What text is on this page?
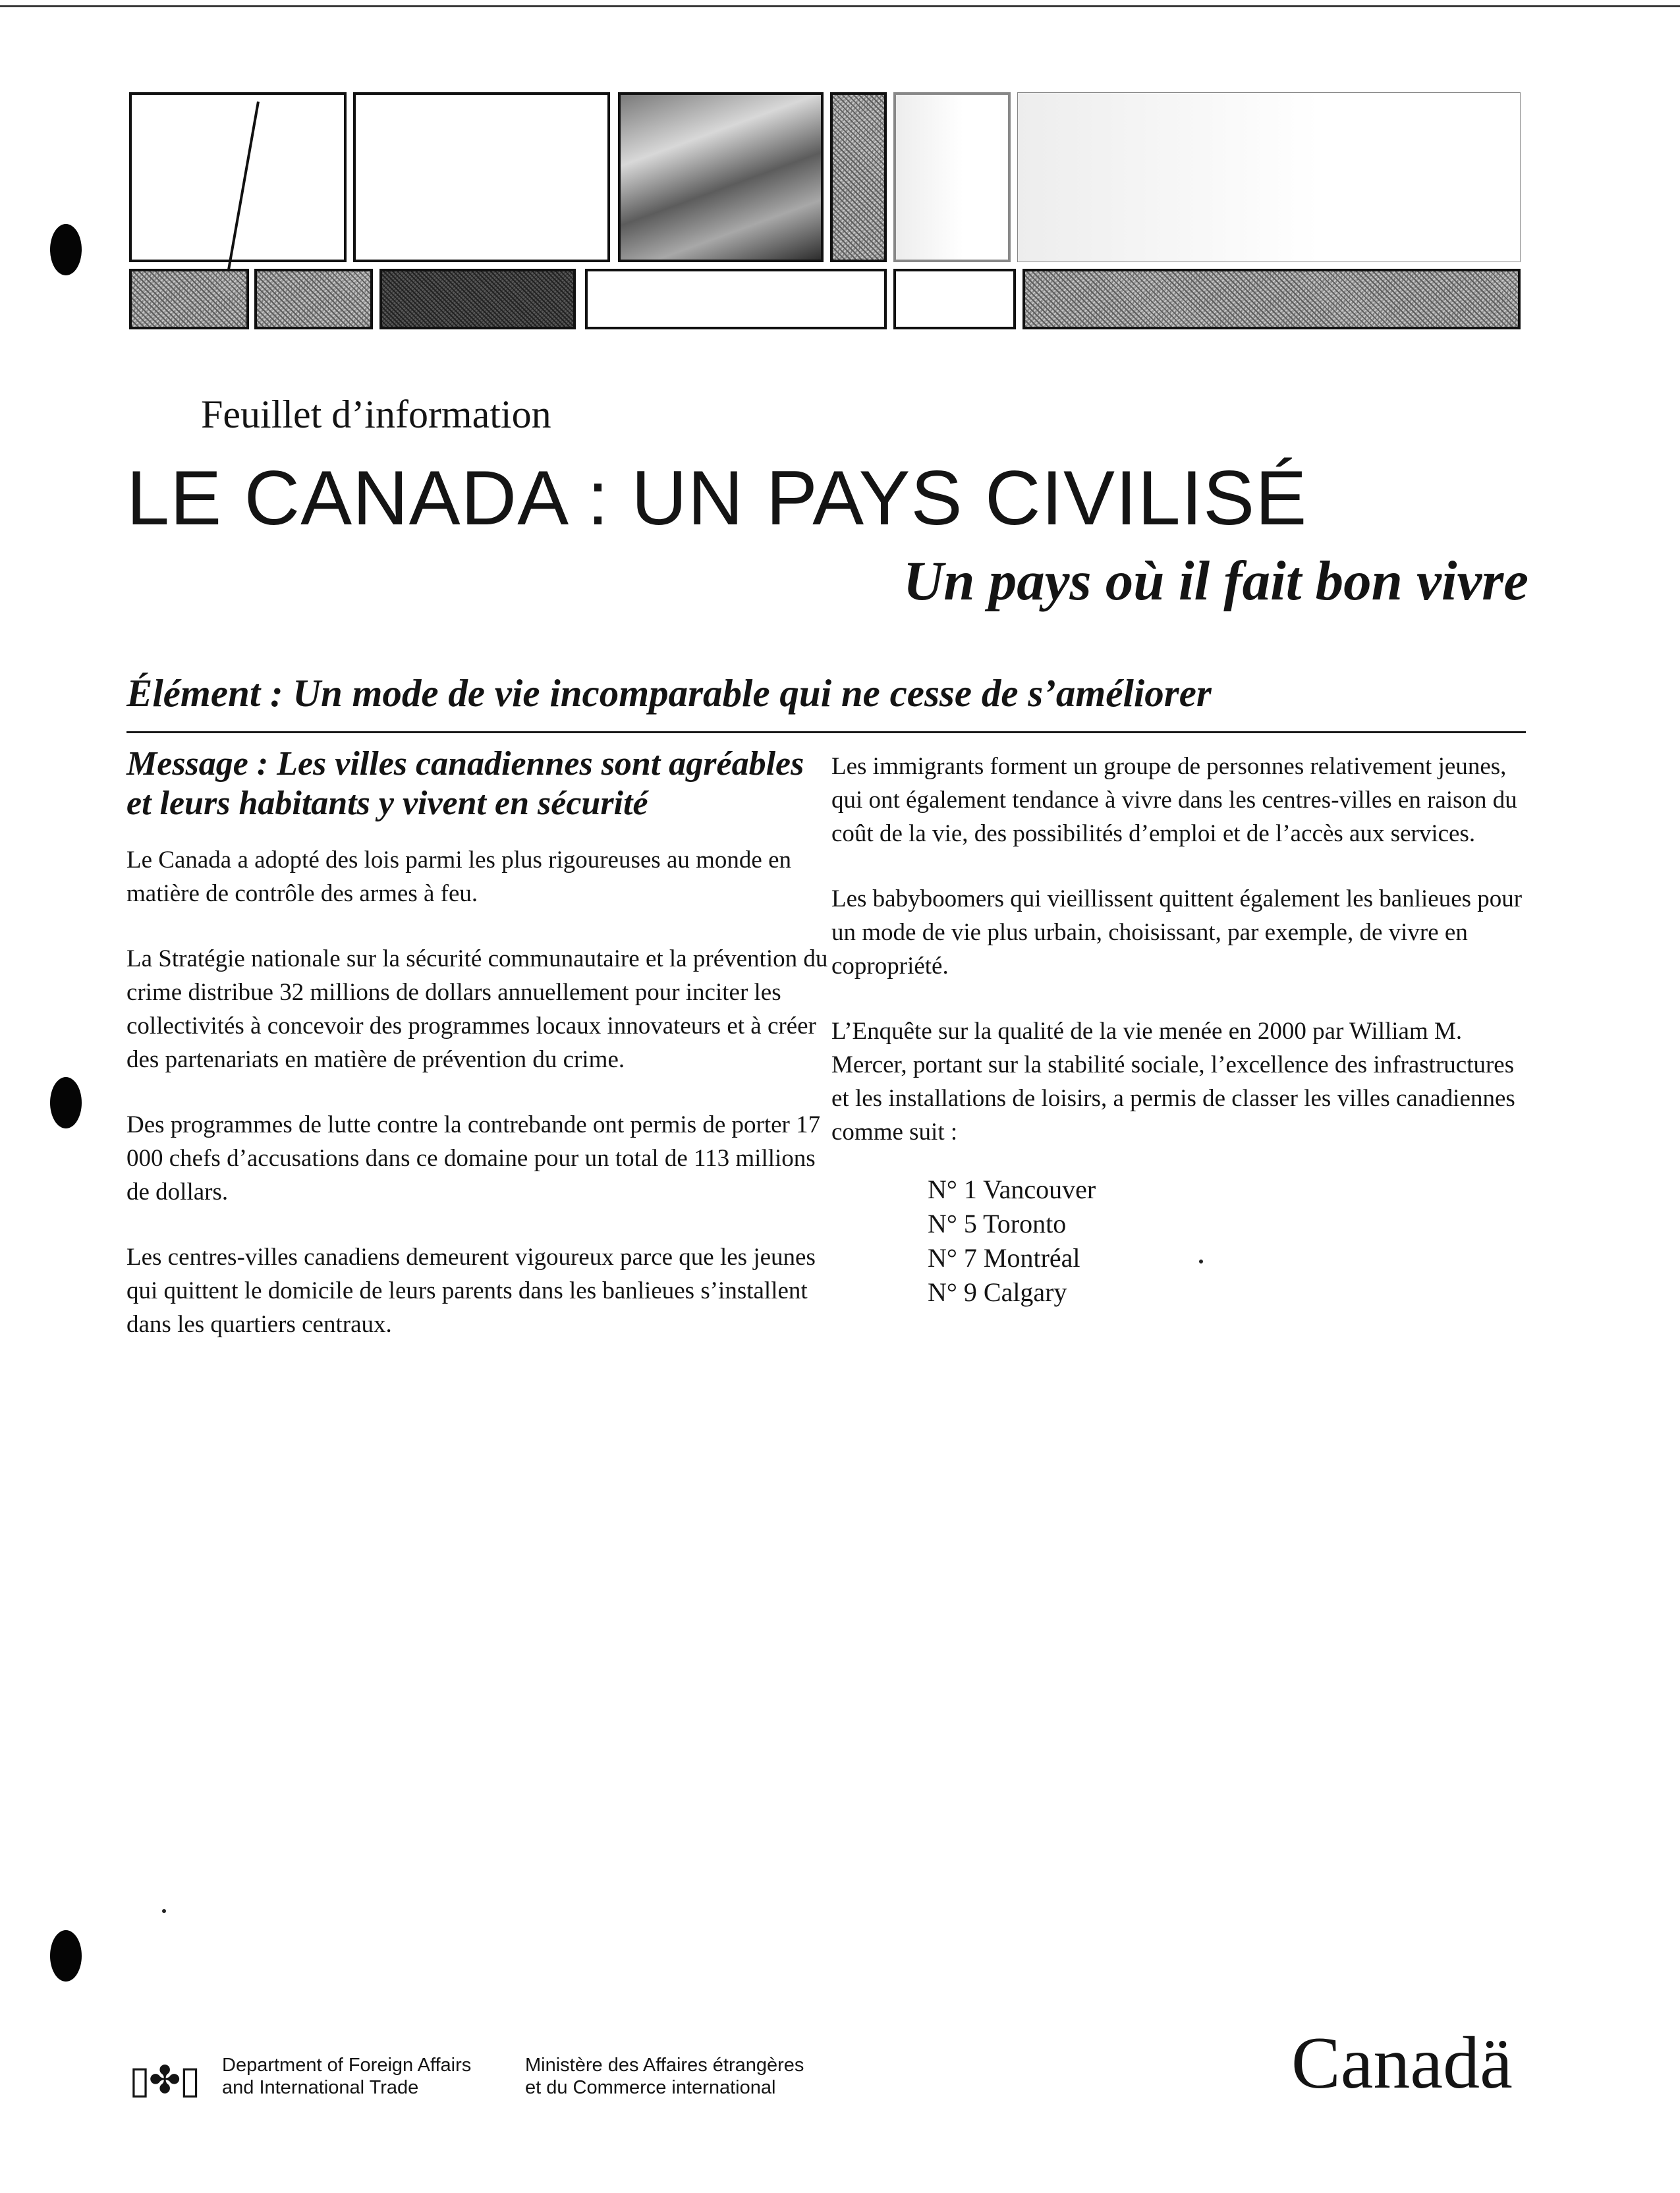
Feuillet d’information
LE CANADA : UN PAYS CIVILISÉ
Un pays où il fait bon vivre
Élément : Un mode de vie incomparable qui ne cesse de s’améliorer

Message : Les villes canadiennes sont agréables et leurs habitants y vivent en sécurité

Le Canada a adopté des lois parmi les plus rigoureuses au monde en matière de contrôle des armes à feu.

La Stratégie nationale sur la sécurité communautaire et la prévention du crime distribue 32 millions de dollars annuellement pour inciter les collectivités à concevoir des programmes locaux innovateurs et à créer des partenariats en matière de prévention du crime.

Des programmes de lutte contre la contrebande ont permis de porter 17 000 chefs d’accusations dans ce domaine pour un total de 113 millions de dollars.

Les centres-villes canadiens demeurent vigoureux parce que les jeunes qui quittent le domicile de leurs parents dans les banlieues s’installent dans les quartiers centraux.

Les immigrants forment un groupe de personnes relativement jeunes, qui ont également tendance à vivre dans les centres-villes en raison du coût de la vie, des possibilités d’emploi et de l’accès aux services.

Les babyboomers qui vieillissent quittent également les banlieues pour un mode de vie plus urbain, choisissant, par exemple, de vivre en copropriété.

L’Enquête sur la qualité de la vie menée en 2000 par William M. Mercer, portant sur la stabilité sociale, l’excellence des infrastructures et les installations de loisirs, a permis de classer les villes canadiennes comme suit :

N° 1 Vancouver
N° 5 Toronto
N° 7 Montréal
N° 9 Calgary
▯✤▯ Department of Foreign Affairs
and International Trade
Ministère des Affaires étrangères
et du Commerce international	Canadä
